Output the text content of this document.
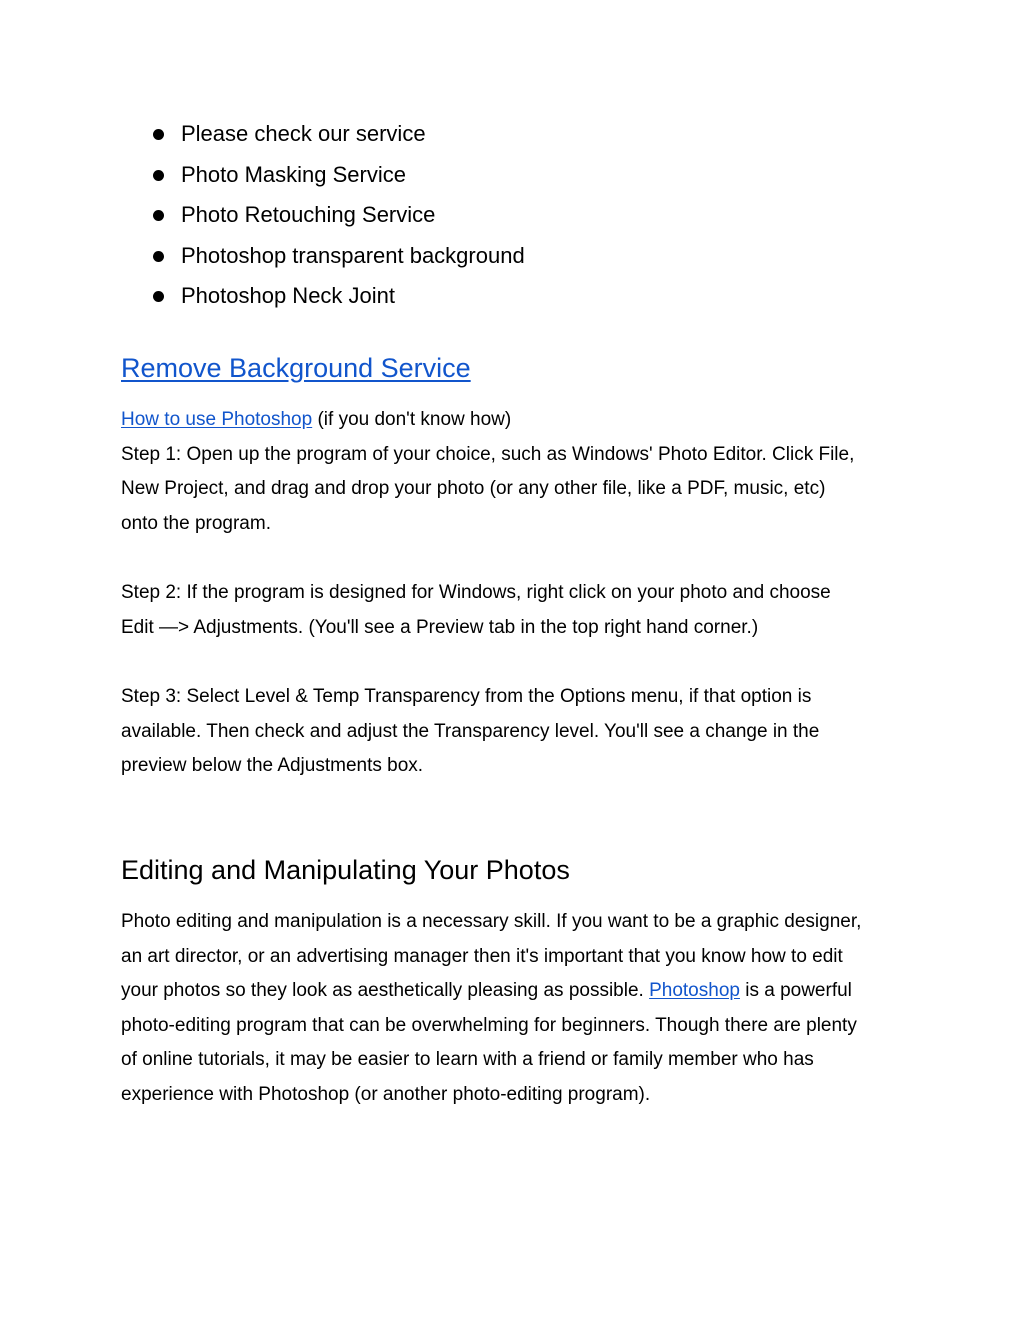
Please check our service
Photo Masking Service
Photo Retouching Service
Photoshop transparent background
Photoshop Neck Joint
Remove Background Service

How to use Photoshop (if you don't know how)
Step 1: Open up the program of your choice, such as Windows' Photo Editor. Click File,
New Project, and drag and drop your photo (or any other file, like a PDF, music, etc)
onto the program.

Step 2: If the program is designed for Windows, right click on your photo and choose
Edit —> Adjustments. (You'll see a Preview tab in the top right hand corner.)

Step 3: Select Level & Temp Transparency from the Options menu, if that option is
available. Then check and adjust the Transparency level. You'll see a change in the
preview below the Adjustments box.

Editing and Manipulating Your Photos

Photo editing and manipulation is a necessary skill. If you want to be a graphic designer,
an art director, or an advertising manager then it's important that you know how to edit
your photos so they look as aesthetically pleasing as possible. Photoshop is a powerful
photo-editing program that can be overwhelming for beginners. Though there are plenty
of online tutorials, it may be easier to learn with a friend or family member who has
experience with Photoshop (or another photo-editing program).
